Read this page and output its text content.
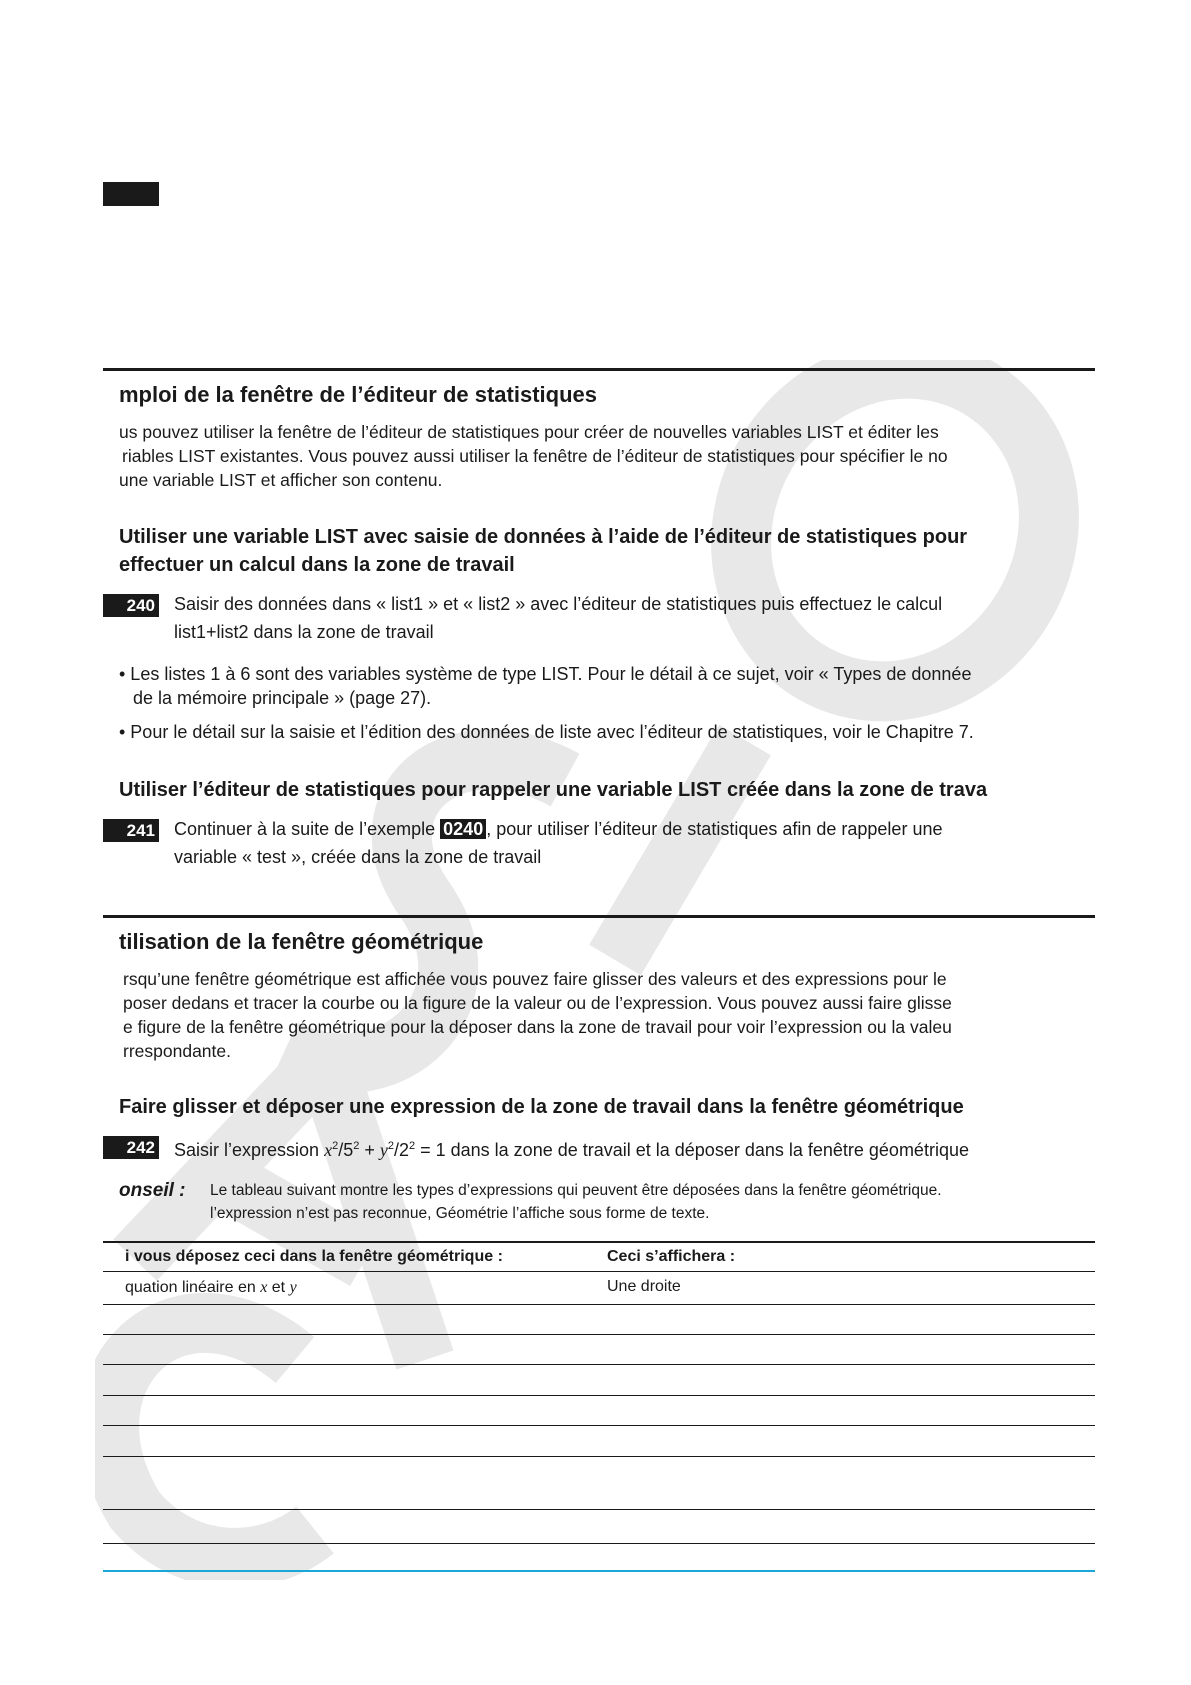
mploi de la fenêtre de l’éditeur de statistiques
us pouvez utiliser la fenêtre de l’éditeur de statistiques pour créer de nouvelles variables LIST et éditer les
riables LIST existantes. Vous pouvez aussi utiliser la fenêtre de l’éditeur de statistiques pour spécifier le no
une variable LIST et afficher son contenu.
Utiliser une variable LIST avec saisie de données à l’aide de l’éditeur de statistiques pour
effectuer un calcul dans la zone de travail
240 Saisir des données dans « list1 » et « list2 » avec l’éditeur de statistiques puis effectuez le calcul
list1+list2 dans la zone de travail
• Les listes 1 à 6 sont des variables système de type LIST. Pour le détail à ce sujet, voir « Types de donnée
de la mémoire principale » (page 27).
• Pour le détail sur la saisie et l’édition des données de liste avec l’éditeur de statistiques, voir le Chapitre 7.
Utiliser l’éditeur de statistiques pour rappeler une variable LIST créée dans la zone de trava
241 Continuer à la suite de l’exemple 0240 , pour utiliser l’éditeur de statistiques afin de rappeler une
variable « test », créée dans la zone de travail
tilisation de la fenêtre géométrique
rsqu’une fenêtre géométrique est affichée vous pouvez faire glisser des valeurs et des expressions pour le
poser dedans et tracer la courbe ou la figure de la valeur ou de l’expression. Vous pouvez aussi faire glisse
e figure de la fenêtre géométrique pour la déposer dans la zone de travail pour voir l’expression ou la valeu
rrespondante.
Faire glisser et déposer une expression de la zone de travail dans la fenêtre géométrique
242 Saisir l’expression $x^2/5^2 + y^2/2^2 = 1$ dans la zone de travail et la déposer dans la fenêtre géométrique
onseil : Le tableau suivant montre les types d’expressions qui peuvent être déposées dans la fenêtre géométrique.
l’expression n’est pas reconnue, Géométrie l’affiche sous forme de texte.
i vous déposez ceci dans la fenêtre géométrique :	Ceci s’affichera :
quation linéaire en x et y	Une droite
